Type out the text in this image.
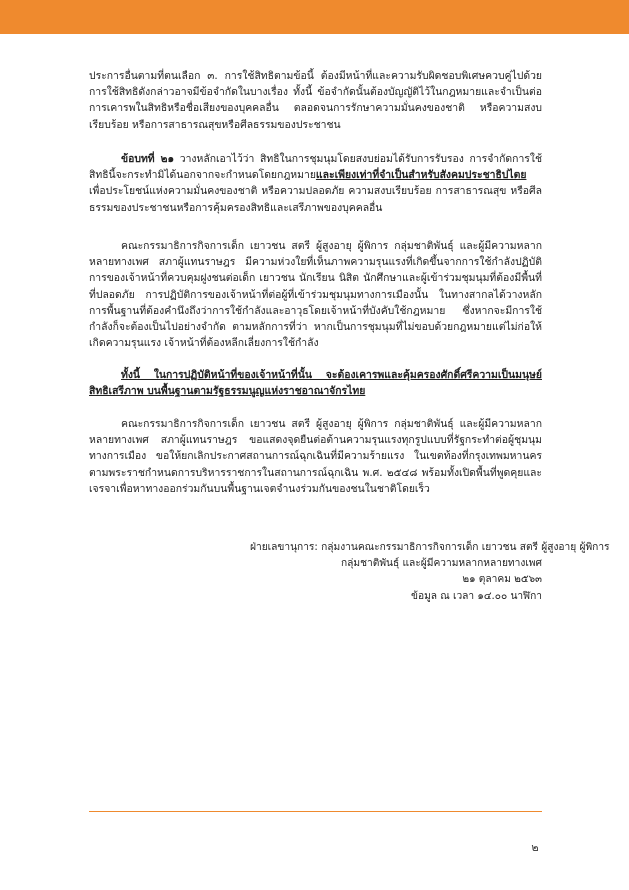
ประการอื่นตามที่ตนเลือก ๓. การใช้สิทธิตามข้อนี้ ต้องมีหน้าที่และความรับผิดชอบพิเศษควบคู่ไปด้วย การใช้สิทธิดังกล่าวอาจมีข้อจำกัดในบางเรื่อง ทั้งนี้ ข้อจำกัดนั้นต้องบัญญัติไว้ในกฎหมายและจำเป็นต่อการเคารพในสิทธิหรือชื่อเสียงของบุคคลอื่น ตลอดจนการรักษาความมั่นคงของชาติ หรือความสงบเรียบร้อย หรือการสาธารณสุขหรือศีลธรรมของประชาชน

ข้อบทที่ ๒๑ วางหลักเอาไว้ว่า สิทธิในการชุมนุมโดยสงบย่อมได้รับการรับรอง การจำกัดการใช้สิทธินี้จะกระทำมิได้นอกจากจะกำหนดโดยกฎหมายและเพียงเท่าที่จำเป็นสำหรับสังคมประชาธิปไตย เพื่อประโยชน์แห่งความมั่นคงของชาติ หรือความปลอดภัย ความสงบเรียบร้อย การสาธารณสุข หรือศีลธรรมของประชาชนหรือการคุ้มครองสิทธิและเสรีภาพของบุคคลอื่น

คณะกรรมาธิการกิจการเด็ก เยาวชน สตรี ผู้สูงอายุ ผู้พิการ กลุ่มชาติพันธุ์ และผู้มีความหลากหลายทางเพศ สภาผู้แทนราษฎร มีความห่วงใยที่เห็นภาพความรุนแรงที่เกิดขึ้นจากการใช้กำลังปฏิบัติการของเจ้าหน้าที่ควบคุมฝูงชนต่อเด็ก เยาวชน นักเรียน นิสิต นักศึกษาและผู้เข้าร่วมชุมนุมที่ต้องมีพื้นที่ที่ปลอดภัย การปฏิบัติการของเจ้าหน้าที่ต่อผู้ที่เข้าร่วมชุมนุมทางการเมืองนั้น ในทางสากลได้วางหลักการพื้นฐานที่ต้องคำนึงถึงว่าการใช้กำลังและอาวุธโดยเจ้าหน้าที่บังคับใช้กฎหมาย ซึ่งหากจะมีการใช้กำลังก็จะต้องเป็นไปอย่างจำกัด ตามหลักการที่ว่า หากเป็นการชุมนุมที่ไม่ขอบด้วยกฎหมายแต่ไม่ก่อให้เกิดความรุนแรง เจ้าหน้าที่ต้องหลีกเลี่ยงการใช้กำลัง

ทั้งนี้ ในการปฏิบัติหน้าที่ของเจ้าหน้าที่นั้น จะต้องเคารพและคุ้มครองศักดิ์ศรีความเป็นมนุษย์ สิทธิเสรีภาพ บนพื้นฐานตามรัฐธรรมนูญแห่งราชอาณาจักรไทย

คณะกรรมาธิการกิจการเด็ก เยาวชน สตรี ผู้สูงอายุ ผู้พิการ กลุ่มชาติพันธุ์ และผู้มีความหลากหลายทางเพศ สภาผู้แทนราษฎร ขอแสดงจุดยืนต่อต้านความรุนแรงทุกรูปแบบที่รัฐกระทำต่อผู้ชุมนุมทางการเมือง ขอให้ยกเลิกประกาศสถานการณ์ฉุกเฉินที่มีความร้ายแรง ในเขตท้องที่กรุงเทพมหานคร ตามพระราชกำหนดการบริหารราชการในสถานการณ์ฉุกเฉิน พ.ศ. ๒๕๔๘ พร้อมทั้งเปิดพื้นที่พูดคุยและเจรจาเพื่อหาทางออกร่วมกันบนพื้นฐานเจตจำนงร่วมกันของชนในชาติโดยเร็ว

ฝ่ายเลขานุการ: กลุ่มงานคณะกรรมาธิการกิจการเด็ก เยาวชน สตรี ผู้สูงอายุ ผู้พิการ
กลุ่มชาติพันธุ์ และผู้มีความหลากหลายทางเพศ
๒๑ ตุลาคม ๒๕๖๓
ข้อมูล ณ เวลา ๑๔.๐๐ นาฬิกา
๒
